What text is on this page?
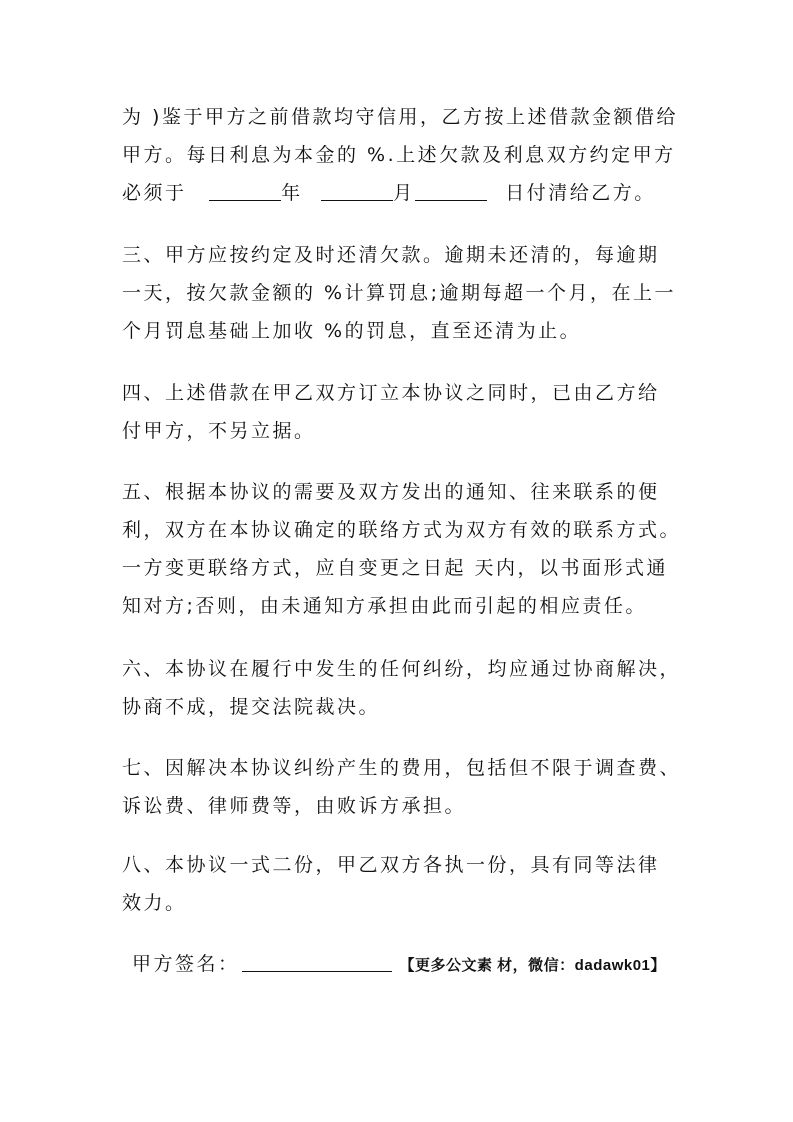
为 )鉴于甲方之前借款均守信用，乙方按上述借款金额借给
甲方。每日利息为本金的 %.上述欠款及利息双方约定甲方
必须于	年	月	日付清给乙方。
三、甲方应按约定及时还清欠款。逾期未还清的，每逾期
一天，按欠款金额的 %计算罚息;逾期每超一个月，在上一
个月罚息基础上加收 %的罚息，直至还清为止。
四、上述借款在甲乙双方订立本协议之同时，已由乙方给
付甲方，不另立据。
五、根据本协议的需要及双方发出的通知、往来联系的便
利，双方在本协议确定的联络方式为双方有效的联系方式。
一方变更联络方式，应自变更之日起 天内，以书面形式通
知对方;否则，由未通知方承担由此而引起的相应责任。
六、本协议在履行中发生的任何纠纷，均应通过协商解决，
协商不成，提交法院裁决。
七、因解决本协议纠纷产生的费用，包括但不限于调查费、
诉讼费、律师费等，由败诉方承担。
八、本协议一式二份，甲乙双方各执一份，具有同等法律
效力。
甲方签名：	【更多公文素 材，微信：dadawk01】
